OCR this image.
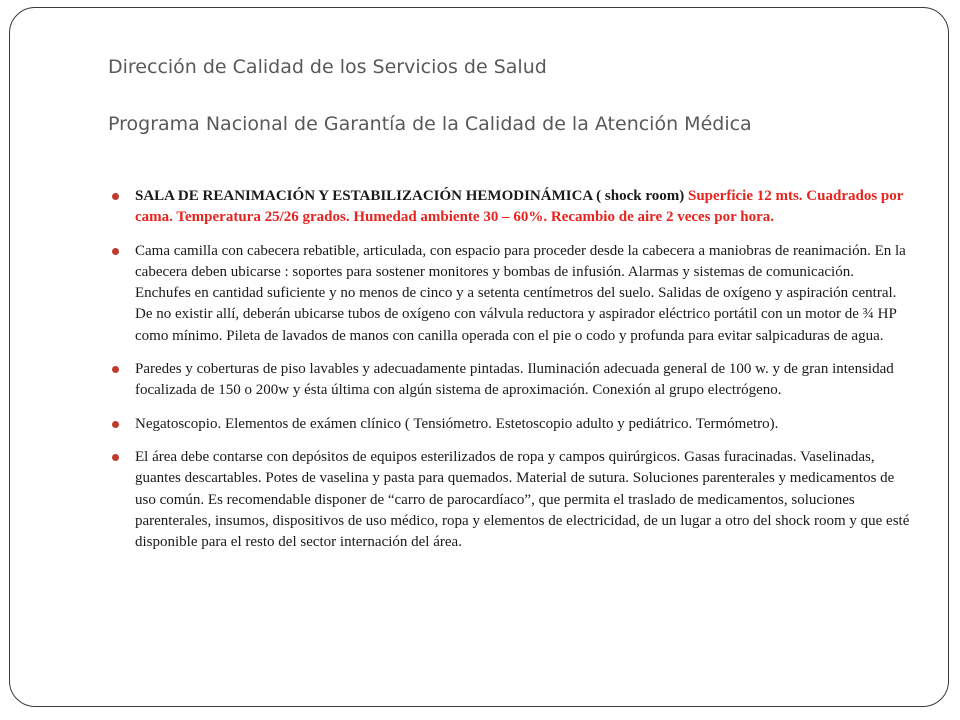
Dirección de Calidad de los Servicios de Salud
Programa Nacional de Garantía de la Calidad de la Atención Médica
SALA DE REANIMACIÓN Y ESTABILIZACIÓN HEMODINÁMICA ( shock room) Superficie 12 mts. Cuadrados por cama. Temperatura 25/26 grados. Humedad ambiente 30 – 60%. Recambio de aire 2 veces por hora.
Cama camilla con cabecera rebatible, articulada, con espacio para proceder desde la cabecera a maniobras de reanimación. En la cabecera deben ubicarse : soportes para sostener monitores y bombas de infusión. Alarmas y sistemas de comunicación. Enchufes en cantidad suficiente y no menos de cinco y a setenta centímetros del suelo. Salidas de oxígeno y aspiración central. De no existir allí, deberán ubicarse tubos de oxígeno con válvula reductora y aspirador eléctrico portátil con un motor de ¾ HP como mínimo. Pileta de lavados de manos con canilla operada con el pie o codo y profunda para evitar salpicaduras de agua.
Paredes y coberturas de piso lavables y adecuadamente pintadas. Iluminación adecuada general de 100 w. y de gran intensidad focalizada de 150 o 200w y ésta última con algún sistema de aproximación. Conexión al grupo electrógeno.
Negatoscopio. Elementos de exámen clínico ( Tensiómetro. Estetoscopio adulto y pediátrico. Termómetro).
El área debe contarse con depósitos de equipos esterilizados de ropa y campos quirúrgicos. Gasas furacinadas. Vaselinadas, guantes descartables. Potes de vaselina y pasta para quemados. Material de sutura. Soluciones parenterales y medicamentos de uso común. Es recomendable disponer de “carro de parocardíaco”, que permita el traslado de medicamentos, soluciones parenterales, insumos, dispositivos de uso médico, ropa y elementos de electricidad, de un lugar a otro del shock room y que esté disponible para el resto del sector internación del área.
